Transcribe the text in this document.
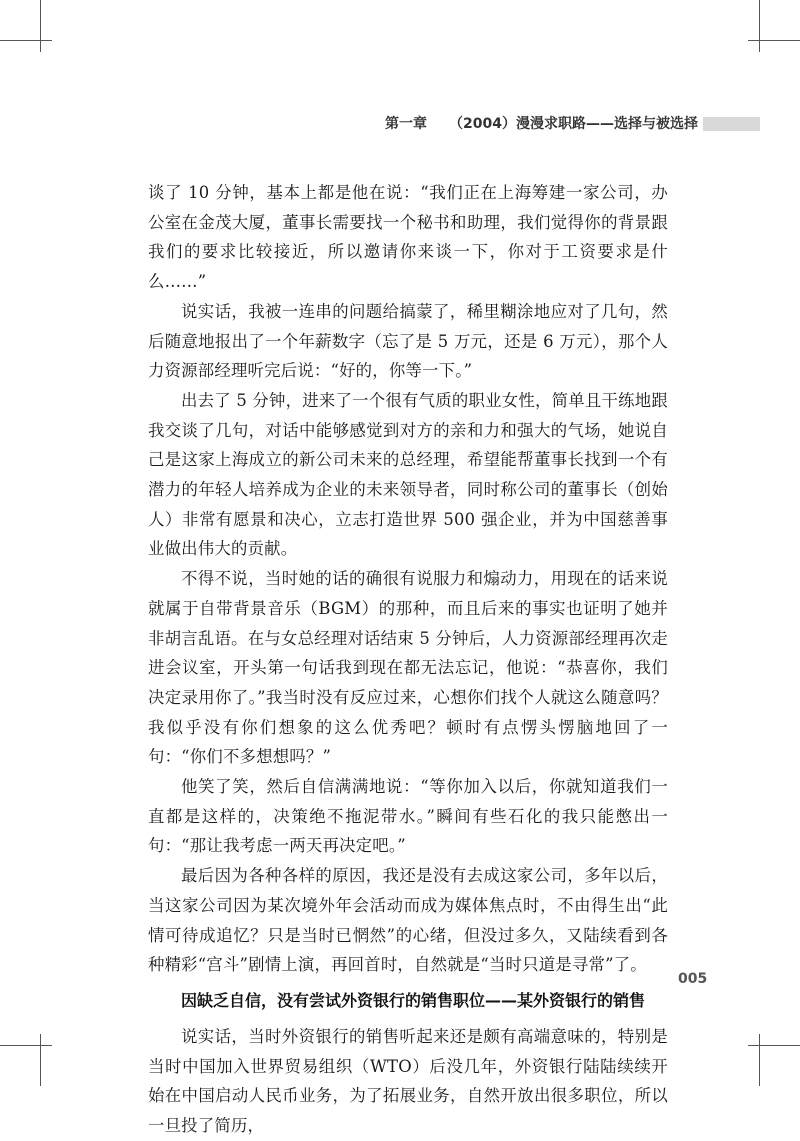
第一章 （2004）漫漫求职路——选择与被选择

谈了 10 分钟，基本上都是他在说：“我们正在上海筹建一家公司，办公室在金茂大厦，董事长需要找一个秘书和助理，我们觉得你的背景跟我们的要求比较接近，所以邀请你来谈一下，你对于工资要求是什么……”

说实话，我被一连串的问题给搞蒙了，稀里糊涂地应对了几句，然后随意地报出了一个年薪数字（忘了是 5 万元，还是 6 万元），那个人力资源部经理听完后说：“好的，你等一下。”

出去了 5 分钟，进来了一个很有气质的职业女性，简单且干练地跟我交谈了几句，对话中能够感觉到对方的亲和力和强大的气场，她说自己是这家上海成立的新公司未来的总经理，希望能帮董事长找到一个有潜力的年轻人培养成为企业的未来领导者，同时称公司的董事长（创始人）非常有愿景和决心，立志打造世界 500 强企业，并为中国慈善事业做出伟大的贡献。

不得不说，当时她的话的确很有说服力和煽动力，用现在的话来说就属于自带背景音乐（BGM）的那种，而且后来的事实也证明了她并非胡言乱语。在与女总经理对话结束 5 分钟后，人力资源部经理再次走进会议室，开头第一句话我到现在都无法忘记，他说：“恭喜你，我们决定录用你了。”我当时没有反应过来，心想你们找个人就这么随意吗？我似乎没有你们想象的这么优秀吧？顿时有点愣头愣脑地回了一句：“你们不多想想吗？”

他笑了笑，然后自信满满地说：“等你加入以后，你就知道我们一直都是这样的，决策绝不拖泥带水。”瞬间有些石化的我只能憋出一句：“那让我考虑一两天再决定吧。”

最后因为各种各样的原因，我还是没有去成这家公司，多年以后，当这家公司因为某次境外年会活动而成为媒体焦点时，不由得生出“此情可待成追忆？只是当时已惘然”的心绪，但没过多久，又陆续看到各种精彩“宫斗”剧情上演，再回首时，自然就是“当时只道是寻常”了。

因缺乏自信，没有尝试外资银行的销售职位——某外资银行的销售

说实话，当时外资银行的销售听起来还是颇有高端意味的，特别是当时中国加入世界贸易组织（WTO）后没几年，外资银行陆陆续续开始在中国启动人民币业务，为了拓展业务，自然开放出很多职位，所以一旦投了简历，

005
